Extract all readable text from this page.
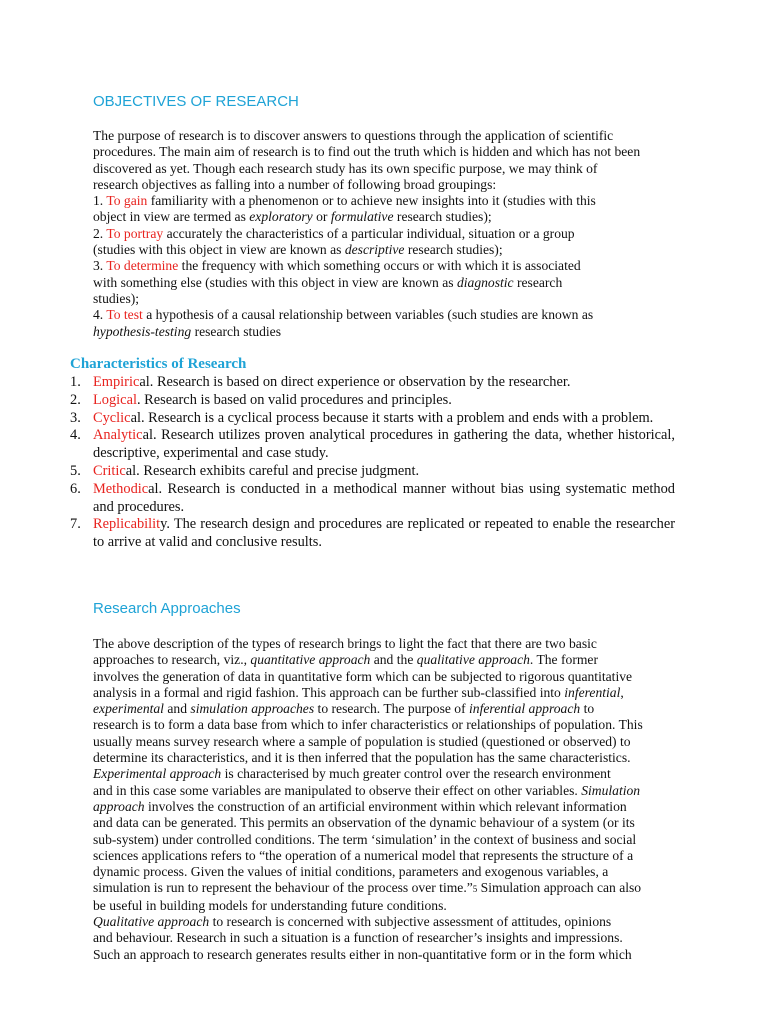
OBJECTIVES OF RESEARCH
The purpose of research is to discover answers to questions through the application of scientific
procedures. The main aim of research is to find out the truth which is hidden and which has not been
discovered as yet. Though each research study has its own specific purpose, we may think of
research objectives as falling into a number of following broad groupings:
1. To gain familiarity with a phenomenon or to achieve new insights into it (studies with this
object in view are termed as exploratory or formulative research studies);
2. To portray accurately the characteristics of a particular individual, situation or a group
(studies with this object in view are known as descriptive research studies);
3. To determine the frequency with which something occurs or with which it is associated
with something else (studies with this object in view are known as diagnostic research
studies);
4. To test a hypothesis of a causal relationship between variables (such studies are known as
hypothesis-testing research studies
Characteristics of Research
1. Empirical. Research is based on direct experience or observation by the researcher.
2. Logical. Research is based on valid procedures and principles.
3. Cyclical. Research is a cyclical process because it starts with a problem and ends with a problem.
4. Analytical. Research utilizes proven analytical procedures in gathering the data, whether historical, descriptive, experimental and case study.
5. Critical. Research exhibits careful and precise judgment.
6. Methodical. Research is conducted in a methodical manner without bias using systematic method and procedures.
7. Replicability. The research design and procedures are replicated or repeated to enable the researcher to arrive at valid and conclusive results.
Research Approaches
The above description of the types of research brings to light the fact that there are two basic
approaches to research, viz., quantitative approach and the qualitative approach. The former
involves the generation of data in quantitative form which can be subjected to rigorous quantitative
analysis in a formal and rigid fashion. This approach can be further sub-classified into inferential,
experimental and simulation approaches to research. The purpose of inferential approach to
research is to form a data base from which to infer characteristics or relationships of population. This
usually means survey research where a sample of population is studied (questioned or observed) to
determine its characteristics, and it is then inferred that the population has the same characteristics.
Experimental approach is characterised by much greater control over the research environment
and in this case some variables are manipulated to observe their effect on other variables. Simulation
approach involves the construction of an artificial environment within which relevant information
and data can be generated. This permits an observation of the dynamic behaviour of a system (or its
sub-system) under controlled conditions. The term ‘simulation’ in the context of business and social
sciences applications refers to “the operation of a numerical model that represents the structure of a
dynamic process. Given the values of initial conditions, parameters and exogenous variables, a
simulation is run to represent the behaviour of the process over time.”5 Simulation approach can also
be useful in building models for understanding future conditions.
Qualitative approach to research is concerned with subjective assessment of attitudes, opinions
and behaviour. Research in such a situation is a function of researcher’s insights and impressions.
Such an approach to research generates results either in non-quantitative form or in the form which
